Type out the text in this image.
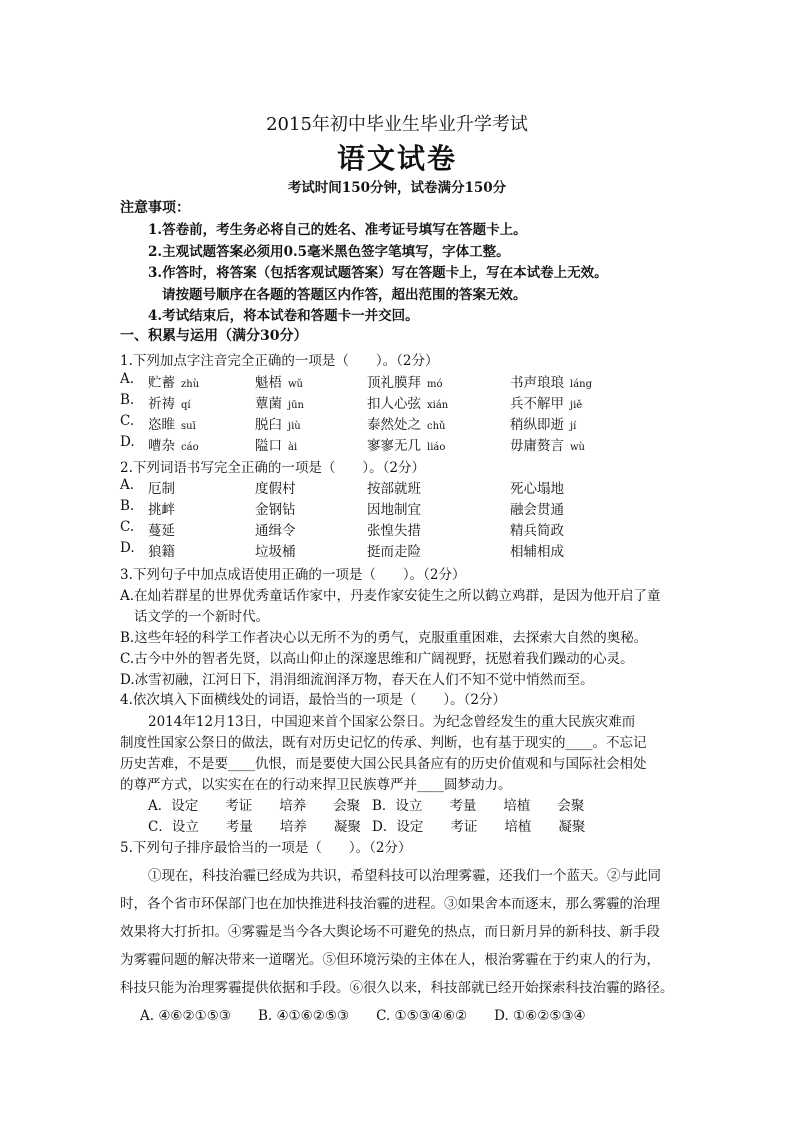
2015年初中毕业生毕业升学考试
语文试卷
考试时间150分钟，试卷满分150分
注意事项：
1.答卷前，考生务必将自己的姓名、准考证号填写在答题卡上。
2.主观试题答案必须用0.5毫米黑色签字笔填写，字体工整。
3.作答时，将答案（包括客观试题答案）写在答题卡上，写在本试卷上无效。
请按题号顺序在各题的答题区内作答，超出范围的答案无效。
4.考试结束后，将本试卷和答题卡一并交回。
一、积累与运用（满分30分）
1.下列加点字注音完全正确的一项是（　　）。（2分）
A. 贮蓄 zhù	魁梧 wǔ	顶礼膜拜 mó	书声琅琅 láng
B. 祈祷 qí	蕈菌 jūn	扣人心弦 xián	兵不解甲 jiě
C. 恣睢 suī	脱臼 jiù	泰然处之 chǔ	稍纵即逝 jí
D. 嘈杂 cáo	隘口 ài	寥寥无几 liáo	毋庸赘言 wù
2.下列词语书写完全正确的一项是（　　）。（2分）
A. 厄制	度假村	按部就班	死心塌地
B. 挑衅	金钢钻	因地制宜	融会贯通
C. 蔓延	通缉令	张惶失措	精兵简政
D. 狼籍	垃圾桶	挺而走险	相辅相成
3.下列句子中加点成语使用正确的一项是（　　）。（2分）
A.在灿若群星的世界优秀童话作家中，丹麦作家安徒生之所以鹤立鸡群，是因为他开启了童
话文学的一个新时代。
B.这些年轻的科学工作者决心以无所不为的勇气，克服重重困难，去探索大自然的奥秘。
C.古今中外的智者先贤，以高山仰止的深邃思维和广阔视野，抚慰着我们躁动的心灵。
D.冰雪初融，江河日下，涓涓细流润泽万物，春天在人们不知不觉中悄然而至。
4.依次填入下面横线处的词语，最恰当的一项是（　　）。（2分）
2014年12月13日，中国迎来首个国家公祭日。为纪念曾经发生的重大民族灾难而
制度性国家公祭日的做法，既有对历史记忆的传承、判断，也有基于现实的____。不忘记
历史苦难，不是要____仇恨，而是要使大国公民具备应有的历史价值观和与国际社会相处
的尊严方式，以实实在在的行动来捍卫民族尊严并____圆梦动力。
A．设定　　考证　　培养　　会聚 B．设立　　考量　　培植　　会聚
C．设立　　考量　　培养　　凝聚 D．设定　　考证　　培植　　凝聚
5.下列句子排序最恰当的一项是（　　）。（2分）
①现在，科技治霾已经成为共识，希望科技可以治理雾霾，还我们一个蓝天。②与此同
时，各个省市环保部门也在加快推进科技治霾的进程。③如果舍本而逐末，那么雾霾的治理
效果将大打折扣。④雾霾是当今各大舆论场不可避免的热点，而日新月异的新科技、新手段
为雾霾问题的解决带来一道曙光。⑤但环境污染的主体在人，根治雾霾在于约束人的行为，
科技只能为治理雾霾提供依据和手段。⑥很久以来，科技部就已经开始探索科技治霾的路径。
A. ④⑥②①⑤③　　B. ④①⑥②⑤③　　C. ①⑤③④⑥②　　D. ①⑥②⑤③④
